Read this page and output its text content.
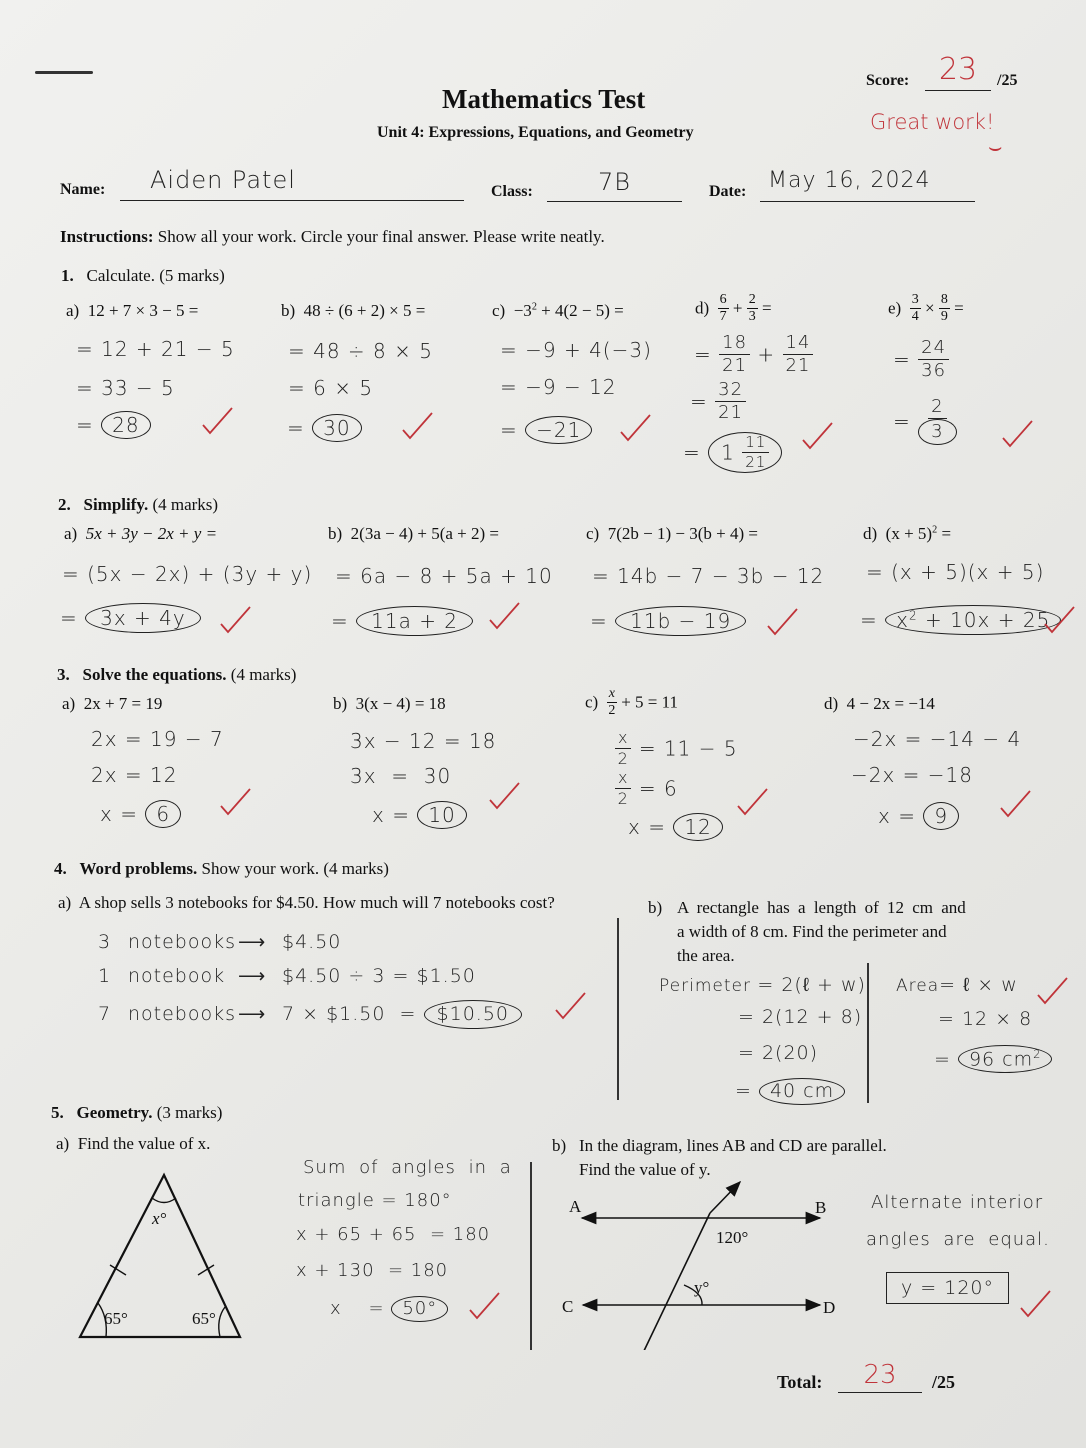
Mathematics Test
Unit 4: Expressions, Equations, and Geometry
Score: 23	/25
Great work!
⌣
Name:	Aiden Patel	Class:	7B	Date: May 16, 2024
Instructions: Show all your work. Circle your final answer. Please write neatly.
1. Calculate. (5 marks)
a) 12 + 7 × 3 − 5 =
= 12 + 21 − 5
= 33 − 5
= 28
b) 48 ÷ (6 + 2) × 5 =
= 48 ÷ 8 × 5
= 6 × 5
= 30
$c) -3^2 + 4(2 - 5)$ =
= −9 + 4(−3)
= −9 − 12
= −21
$d) \frac{6}{7} + \frac{2}{3}$ =
= $\frac{18}{21} + \frac{14}{21}$
= $\frac{32}{21}$
= $1 \frac{11}{21}$
$e) \frac{3}{4} \times \frac{8}{9}$ =
= $\frac{24}{36}$
= $\frac{2}{3}$
2. Simplify. (4 marks)
a) 5x + 3y − 2x + y =
= (5x − 2x) + (3y + y)
= 3x + 4y
b) 2(3a − 4) + 5(a + 2) =
= 6a − 8 + 5a + 10
= 11a + 2
c) 7(2b − 1) − 3(b + 4) =
= 14b − 7 − 3b − 12
= 11b − 19
d) $(x + 5)^2$ =
= (x + 5)(x + 5)
= $x^2 + 10x + 25$
3. Solve the equations. (4 marks)
a) 2x + 7 = 19
2x = 19 − 7
2x = 12
x = 6
b) 3(x − 4) = 18
3x − 12 = 18
3x  =  30
x = 10
$c) \frac{x}{2} + 5 = 11$
$\frac{x}{2} = 11 - 5$
$\frac{x}{2} = 6$
x = 12
d) 4 − 2x = −14
−2x = −14 − 4
−2x = −18
x = 9
4. Word problems. Show your work. (4 marks)
a) A shop sells 3 notebooks for $4.50. How much will 7 notebooks cost?
3 notebooks ⟶ $4.50
1 notebook ⟶ $4.50 ÷ 3 = $1.50
7 notebooks ⟶ 7 × $1.50  = $10.50
b) A rectangle has a length of 12 cm and
a width of 8 cm. Find the perimeter and
the area.
Perimeter = 2(ℓ + w)
= 2(12 + 8)
= 2(20)
= 40 cm
Area= ℓ × w
= 12 × 8
= 96 $cm^2$
5. Geometry. (3 marks)
a) Find the value of x.
x°
65°	65°
Sum of angles in a
triangle = 180°
x + 65 + 65  = 180
x + 130  = 180
x    = 50°
b) In the diagram, lines AB and CD are parallel.
Find the value of y.
A	B
C	D
120°
y°
Alternate interior
angles are equal.
y = 120°
Total:	23	/25
